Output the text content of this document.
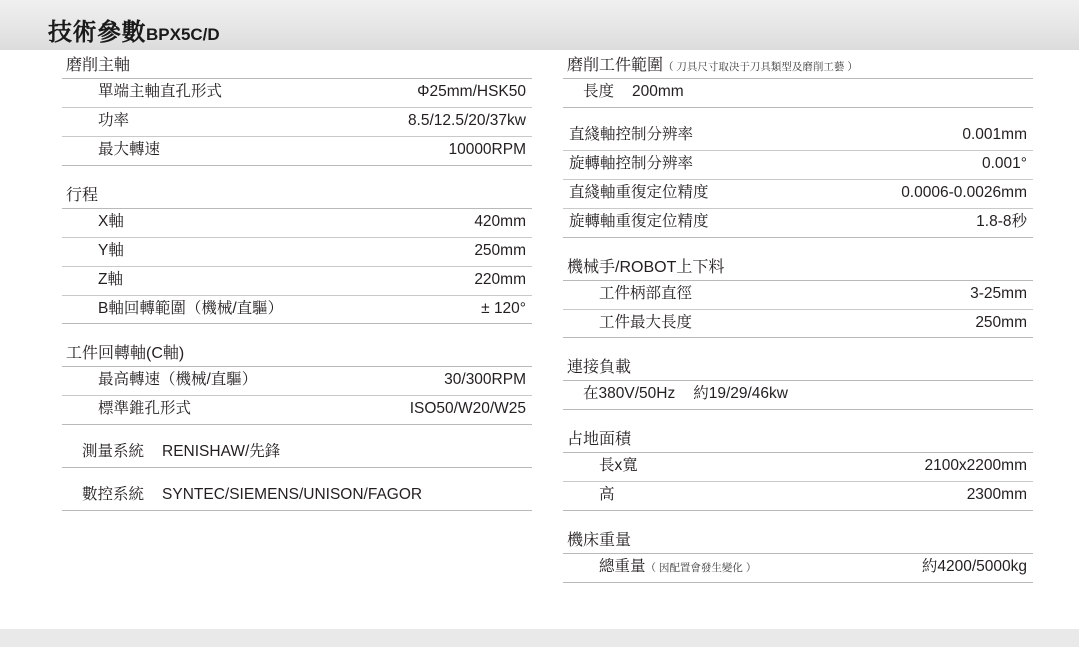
技術參數BPX5C/D
磨削主軸
單端主軸直孔形式	Φ25mm/HSK50
功率	8.5/12.5/20/37kw
最大轉速	10000RPM
行程
X軸	420mm
Y軸	250mm
Z軸	220mm
B軸回轉範圍（機械/直驅）	± 120°
工件回轉軸(C軸)
最高轉速（機械/直驅）	30/300RPM
標準錐孔形式	ISO50/W20/W25
測量系統	RENISHAW/先鋒
數控系統	SYNTEC/SIEMENS/UNISON/FAGOR
磨削工件範圍（ 刀具尺寸取决于刀具類型及磨削工藝 ）
長度	200mm
直綫軸控制分辨率	0.001mm
旋轉軸控制分辨率	0.001°
直綫軸重復定位精度	0.0006-0.0026mm
旋轉軸重復定位精度	1.8-8秒
機械手/ROBOT上下料
工件柄部直徑	3-25mm
工件最大長度	250mm
連接負載
在380V/50Hz	約19/29/46kw
占地面積
長x寬	2100x2200mm
高	2300mm
機床重量
總重量（ 因配置會發生變化 ）	約4200/5000kg
